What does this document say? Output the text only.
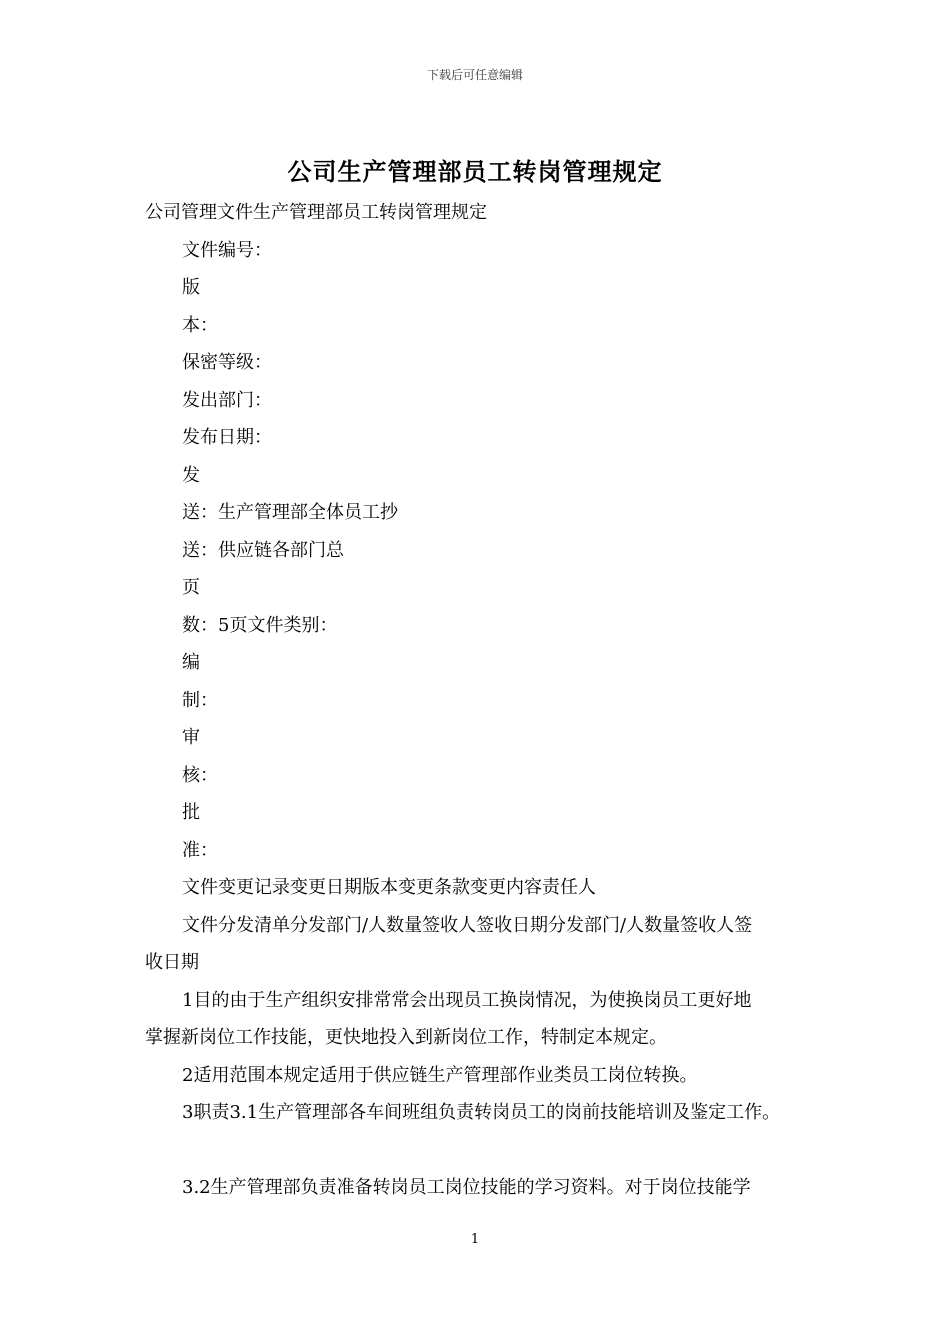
下载后可任意编辑
公司生产管理部员工转岗管理规定
公司管理文件生产管理部员工转岗管理规定
文件编号：
版
本：
保密等级：
发出部门：
发布日期：
发
送：生产管理部全体员工抄
送：供应链各部门总
页
数：5页文件类别：
编
制：
审
核：
批
准：
文件变更记录变更日期版本变更条款变更内容责任人
文件分发清单分发部门/人数量签收人签收日期分发部门/人数量签收人签
收日期
1目的由于生产组织安排常常会出现员工换岗情况，为使换岗员工更好地
掌握新岗位工作技能，更快地投入到新岗位工作，特制定本规定。
2适用范围本规定适用于供应链生产管理部作业类员工岗位转换。
3职责3.1生产管理部各车间班组负责转岗员工的岗前技能培训及鉴定工作。
3.2生产管理部负责准备转岗员工岗位技能的学习资料。对于岗位技能学
1
